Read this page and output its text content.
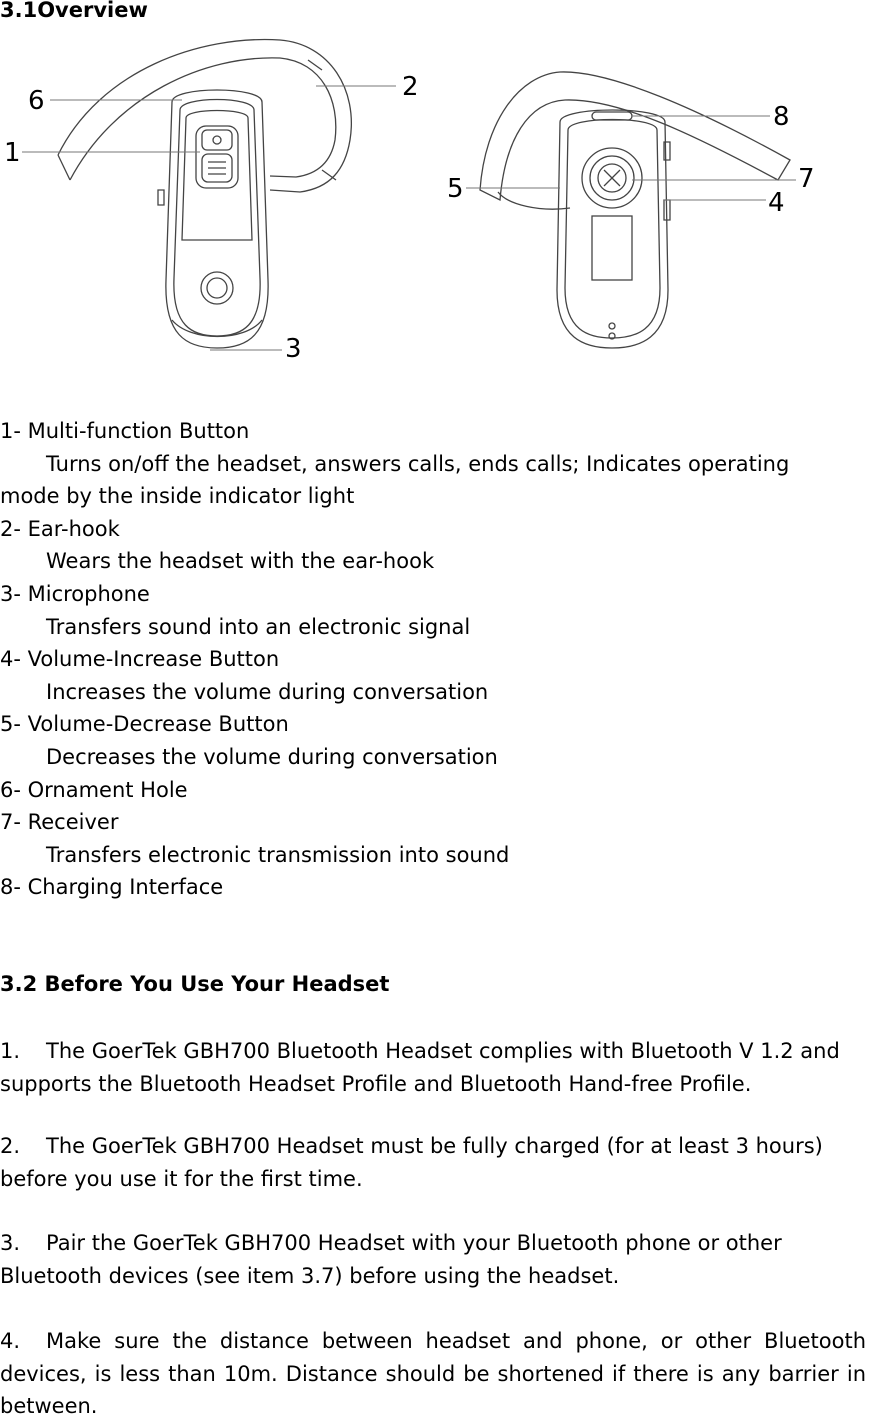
3.1Overview
1
2
3
4
5
6
7
8

1- Multi-function Button

Turns on/off the headset, answers calls, ends calls; Indicates operating

mode by the inside indicator light

2- Ear-hook

Wears the headset with the ear-hook

3- Microphone

Transfers sound into an electronic signal

4- Volume-Increase Button

Increases the volume during conversation

5- Volume-Decrease Button

Decreases the volume during conversation

6- Ornament Hole

7- Receiver

Transfers electronic transmission into sound

8- Charging Interface

3.2 Before You Use Your Headset

1. The GoerTek GBH700 Bluetooth Headset complies with Bluetooth V 1.2 and supports the Bluetooth Headset Profile and Bluetooth Hand-free Profile.

2. The GoerTek GBH700 Headset must be fully charged (for at least 3 hours) before you use it for the first time.

3. Pair the GoerTek GBH700 Headset with your Bluetooth phone or other Bluetooth devices (see item 3.7) before using the headset.

4. Make sure the distance between headset and phone, or other Bluetooth devices, is less than 10m. Distance should be shortened if there is any barrier in between.
